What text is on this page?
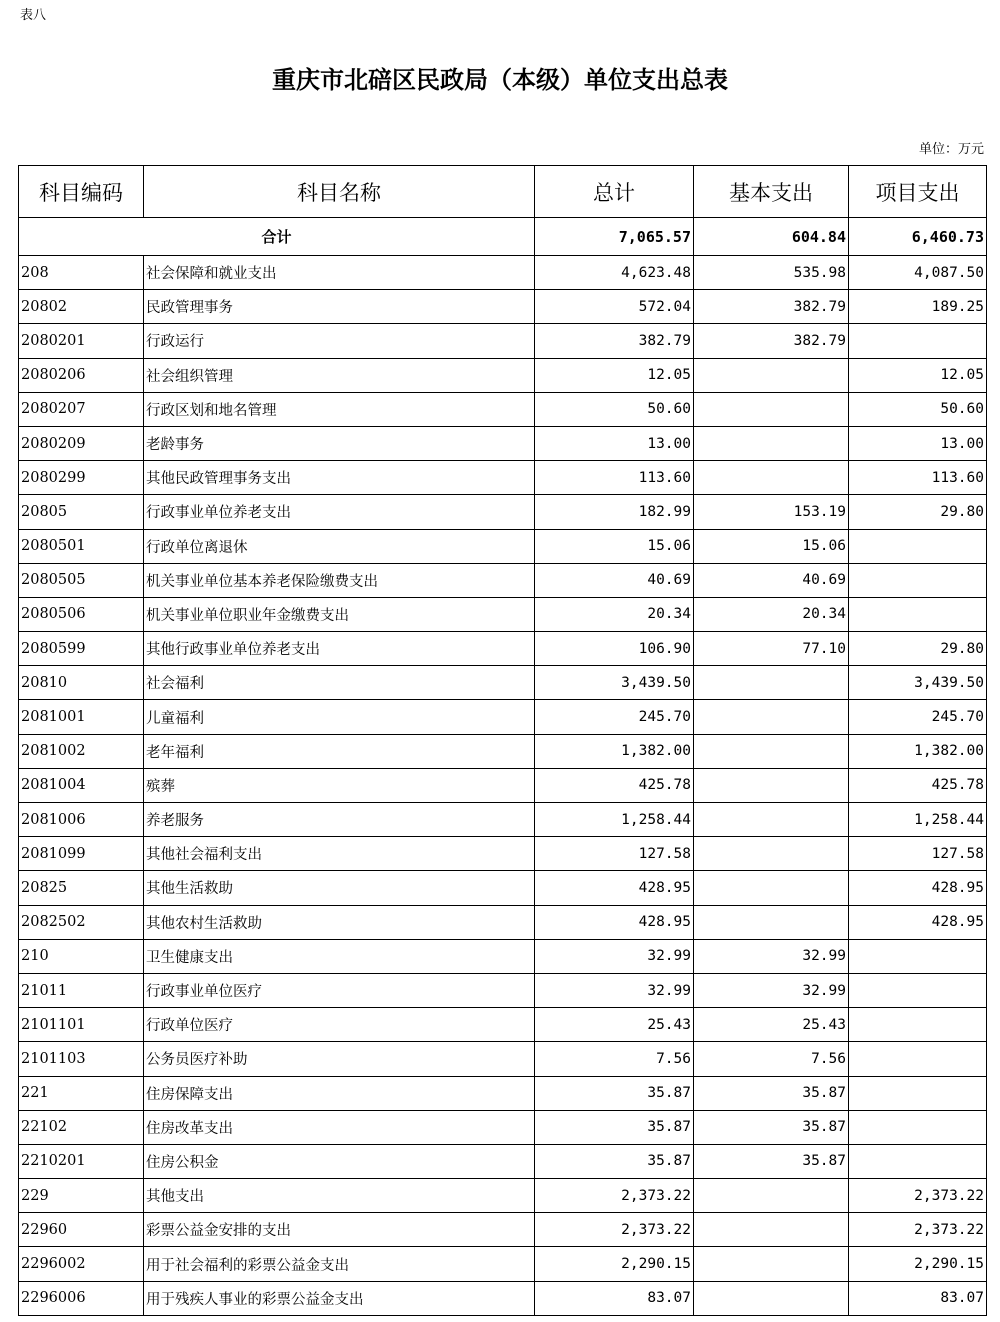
表八
重庆市北碚区民政局（本级）单位支出总表
单位：万元
科目编码	科目名称	总计	基本支出	项目支出
合计		7,065.57	604.84	6,460.73
208	社会保障和就业支出	4,623.48	535.98	4,087.50
20802	民政管理事务	572.04	382.79	189.25
2080201	行政运行	382.79	382.79	
2080206	社会组织管理	12.05		12.05
2080207	行政区划和地名管理	50.60		50.60
2080209	老龄事务	13.00		13.00
2080299	其他民政管理事务支出	113.60		113.60
20805	行政事业单位养老支出	182.99	153.19	29.80
2080501	行政单位离退休	15.06	15.06	
2080505	机关事业单位基本养老保险缴费支出	40.69	40.69	
2080506	机关事业单位职业年金缴费支出	20.34	20.34	
2080599	其他行政事业单位养老支出	106.90	77.10	29.80
20810	社会福利	3,439.50		3,439.50
2081001	儿童福利	245.70		245.70
2081002	老年福利	1,382.00		1,382.00
2081004	殡葬	425.78		425.78
2081006	养老服务	1,258.44		1,258.44
2081099	其他社会福利支出	127.58		127.58
20825	其他生活救助	428.95		428.95
2082502	其他农村生活救助	428.95		428.95
210	卫生健康支出	32.99	32.99	
21011	行政事业单位医疗	32.99	32.99	
2101101	行政单位医疗	25.43	25.43	
2101103	公务员医疗补助	7.56	7.56	
221	住房保障支出	35.87	35.87	
22102	住房改革支出	35.87	35.87	
2210201	住房公积金	35.87	35.87	
229	其他支出	2,373.22		2,373.22
22960	彩票公益金安排的支出	2,373.22		2,373.22
2296002	用于社会福利的彩票公益金支出	2,290.15		2,290.15
2296006	用于残疾人事业的彩票公益金支出	83.07		83.07
